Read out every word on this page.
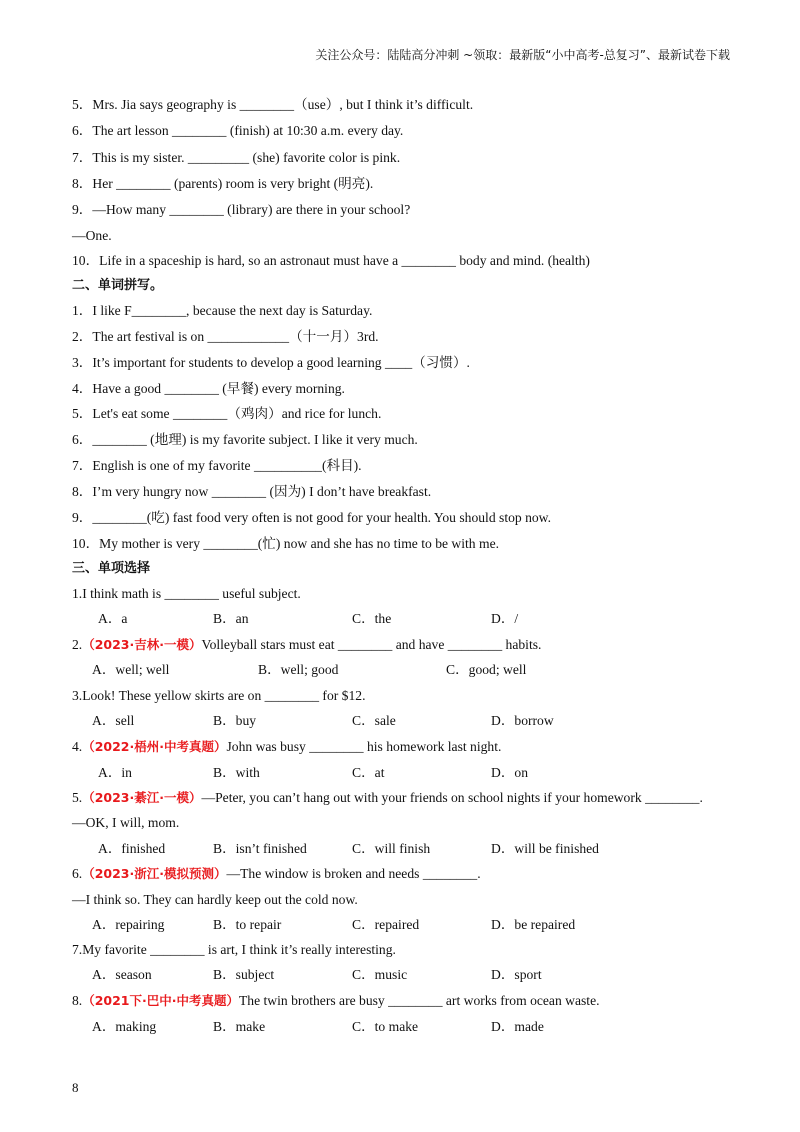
关注公众号：陆陆高分冲刺 ~领取：最新版“小中高考-总复习”、最新试卷下载
5．Mrs. Jia says geography is ________（use）, but I think it’s difficult.
6．The art lesson ________ (finish) at 10:30 a.m. every day.
7．This is my sister. _________ (she) favorite color is pink.
8．Her ________ (parents) room is very bright (明亮).
9．—How many ________ (library) are there in your school?
—One.
10．Life in a spaceship is hard, so an astronaut must have a ________ body and mind. (health)
二、单词拼写。
1．I like F________, because the next day is Saturday.
2．The art festival is on ____________（十一月）3rd.
3．It’s important for students to develop a good learning ____（习惯）.
4．Have a good ________ (早餐) every morning.
5．Let's eat some ________（鸡肉）and rice for lunch.
6．________ (地理) is my favorite subject. I like it very much.
7．English is one of my favorite __________(科目).
8．I’m very hungry now ________ (因为) I don’t have breakfast.
9．________(吃) fast food very often is not good for your health. You should stop now.
10．My mother is very ________(忙) now and she has no time to be with me.
三、单项选择
1.I think math is ________ useful subject.
A．a	B．an	C．the	D．/
2.（2023·吉林·一模）Volleyball stars must eat ________ and have ________ habits.
A．well; well	B．well; good	C．good; well
3.Look! These yellow skirts are on ________ for $12.
A．sell	B．buy	C．sale	D．borrow
4.（2022·梧州·中考真题）John was busy ________ his homework last night.
A．in	B．with	C．at	D．on
5.（2023·綦江·一模）—Peter, you can’t hang out with your friends on school nights if your homework ________.
—OK, I will, mom.
A．finished	B．isn’t finished	C．will finish	D．will be finished
6.（2023·浙江·模拟预测）—The window is broken and needs ________.
—I think so. They can hardly keep out the cold now.
A．repairing	B．to repair	C．repaired	D．be repaired
7.My favorite ________ is art, I think it’s really interesting.
A．season	B．subject	C．music	D．sport
8.（2021下·巴中·中考真题）The twin brothers are busy ________ art works from ocean waste.
A．making	B．make	C．to make	D．made
8
